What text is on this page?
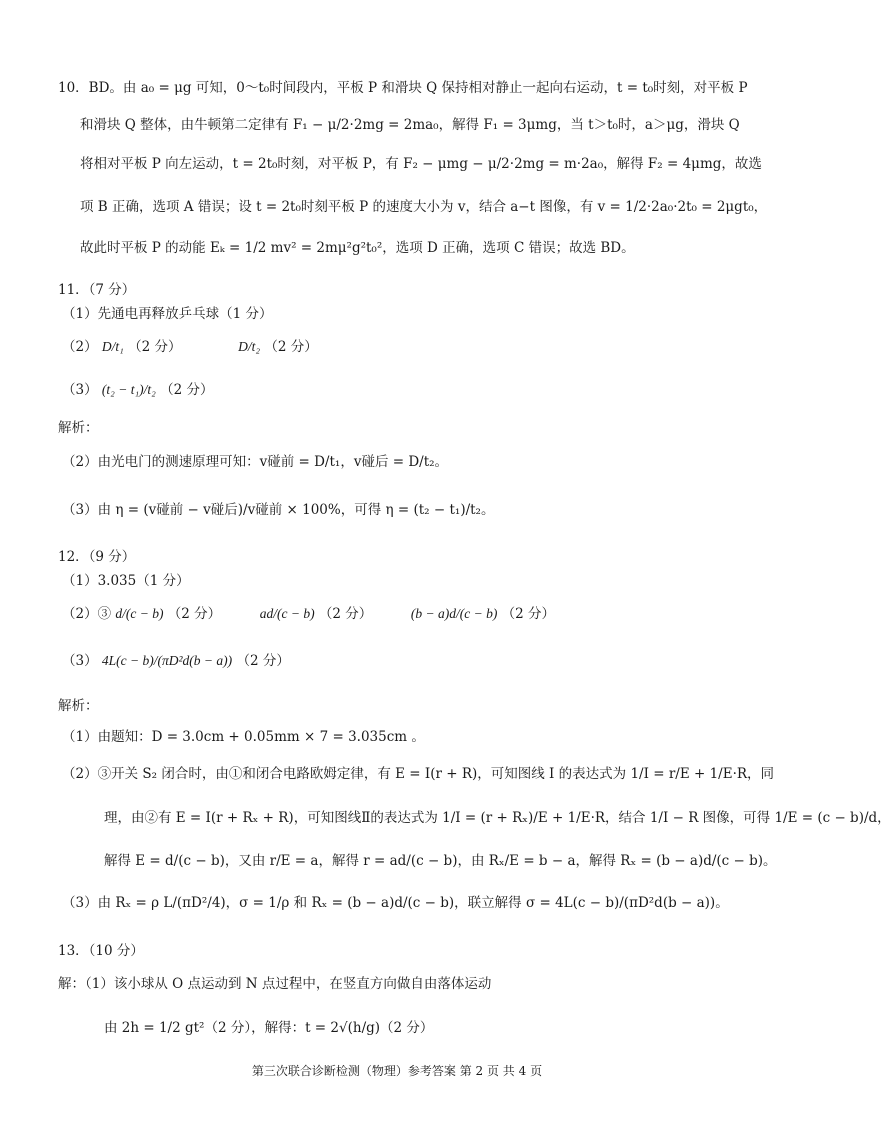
10．BD。由 a₀ = μg 可知，0～t₀时间段内，平板 P 和滑块 Q 保持相对静止一起向右运动，t = t₀时刻，对平板 P
和滑块 Q 整体，由牛顿第二定律有 F₁ − μ/2·2mg = 2ma₀，解得 F₁ = 3μmg，当 t＞t₀时，a＞μg，滑块 Q
将相对平板 P 向左运动，t = 2t₀时刻，对平板 P，有 F₂ − μmg − μ/2·2mg = m·2a₀，解得 F₂ = 4μmg，故选
项 B 正确，选项 A 错误；设 t = 2t₀时刻平板 P 的速度大小为 v，结合 a−t 图像，有 v = 1/2·2a₀·2t₀ = 2μgt₀，
故此时平板 P 的动能 Eₖ = 1/2 mv² = 2mμ²g²t₀²，选项 D 正确，选项 C 错误；故选 BD。
11．（7 分）
（1）先通电再释放乒乓球（1 分）
（2） D/t₁ （2 分）	D/t₂ （2 分）
（3） (t₂ − t₁)/t₂ （2 分）
解析：
（2）由光电门的测速原理可知：v碰前 = D/t₁，v碰后 = D/t₂。
（3）由 η = (v碰前 − v碰后)/v碰前 × 100%，可得 η = (t₂ − t₁)/t₂。
12．（9 分）
（1）3.035（1 分）
（2）③ d/(c − b) （2 分）	ad/(c − b) （2 分）	(b − a)d/(c − b) （2 分）
（3） 4L(c − b)/(πD²d(b − a)) （2 分）
解析：
（1）由题知：D = 3.0cm + 0.05mm × 7 = 3.035cm 。
（2）③开关 S₂ 闭合时，由①和闭合电路欧姆定律，有 E = I(r + R)，可知图线 Ⅰ 的表达式为 1/I = r/E + 1/E·R，同
理，由②有 E = I(r + Rₓ + R)，可知图线Ⅱ的表达式为 1/I = (r + Rₓ)/E + 1/E·R，结合 1/I − R 图像，可得 1/E = (c − b)/d，
解得 E = d/(c − b)，又由 r/E = a，解得 r = ad/(c − b)，由 Rₓ/E = b − a，解得 Rₓ = (b − a)d/(c − b)。
（3）由 Rₓ = ρ L/(πD²/4)，σ = 1/ρ 和 Rₓ = (b − a)d/(c − b)，联立解得 σ = 4L(c − b)/(πD²d(b − a))。
13．（10 分）
解：（1）该小球从 O 点运动到 N 点过程中，在竖直方向做自由落体运动
由 2h = 1/2 gt²（2 分），解得：t = 2√(h/g)（2 分）
第三次联合诊断检测（物理）参考答案 第 2 页 共 4 页
